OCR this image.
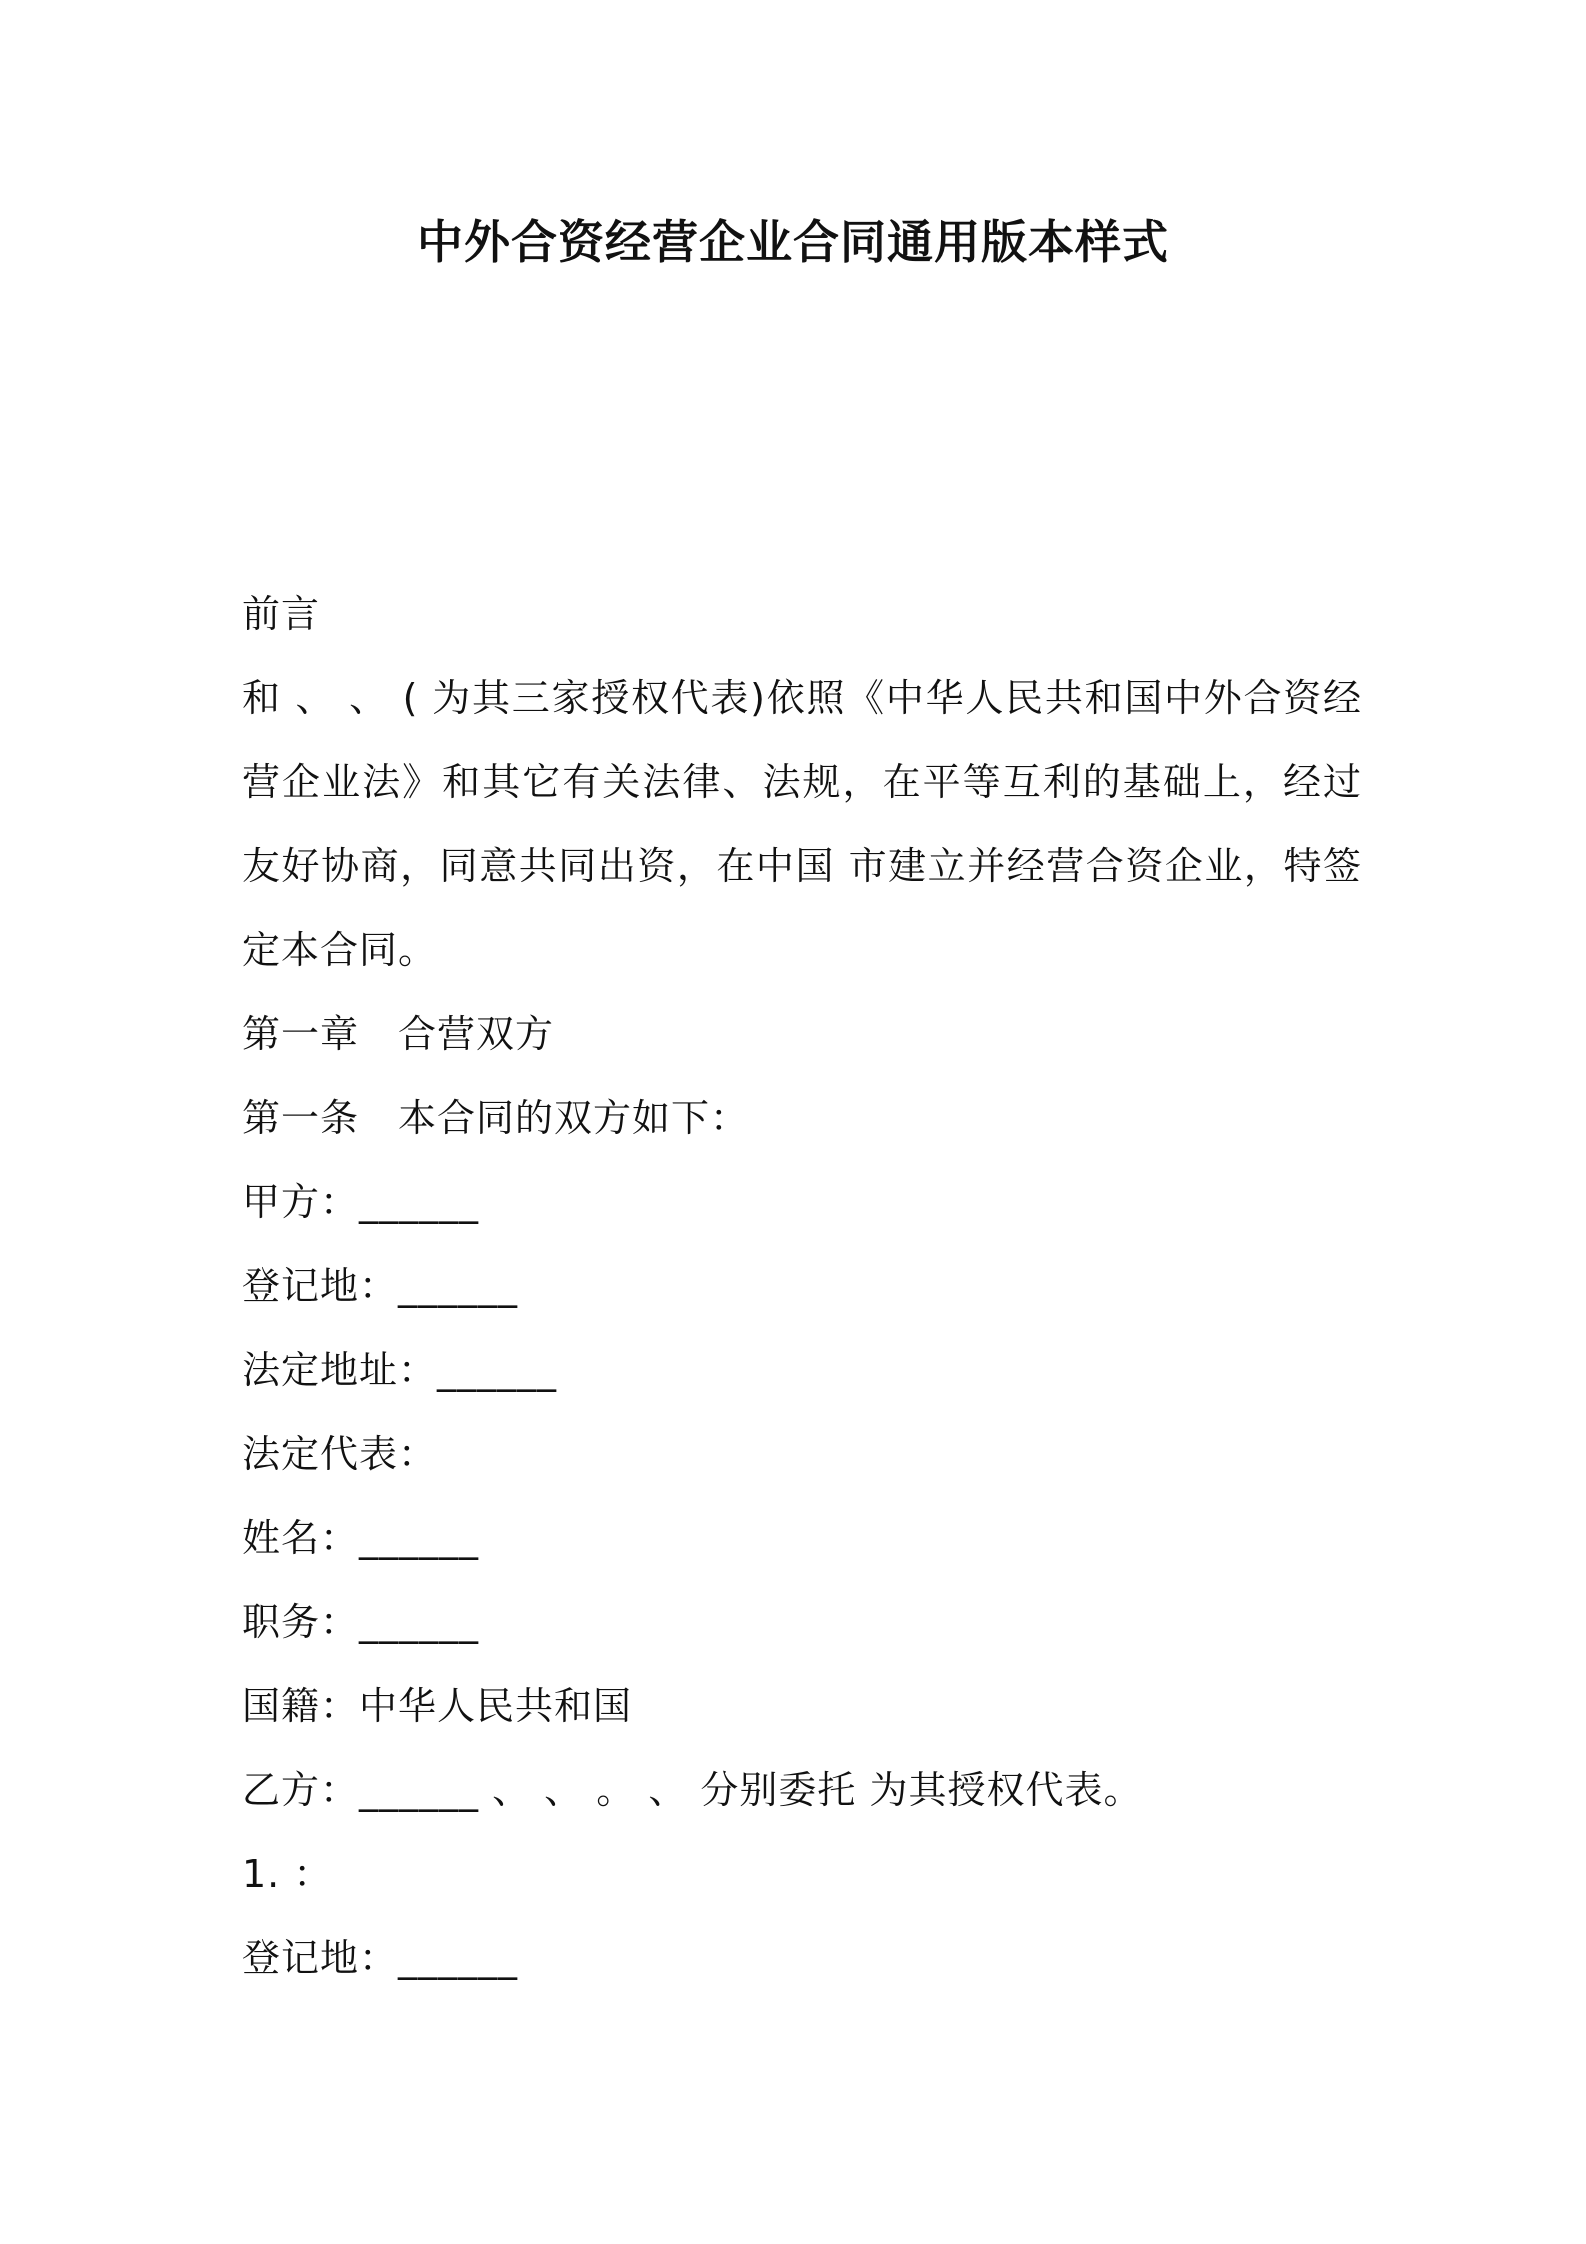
中外合资经营企业合同通用版本样式
前言
和 、 、 ( 为其三家授权代表)依照《中华人民共和国中外合资经营企业法》和其它有关法律、法规，在平等互利的基础上，经过友好协商，同意共同出资，在中国 市建立并经营合资企业，特签定本合同。
第一章　合营双方
第一条　本合同的双方如下：
甲方：______
登记地：______
法定地址：______
法定代表：
姓名：______
职务：______
国籍：中华人民共和国
乙方：______ 、 、 。 、 分别委托 为其授权代表。
1. ：
登记地：______
